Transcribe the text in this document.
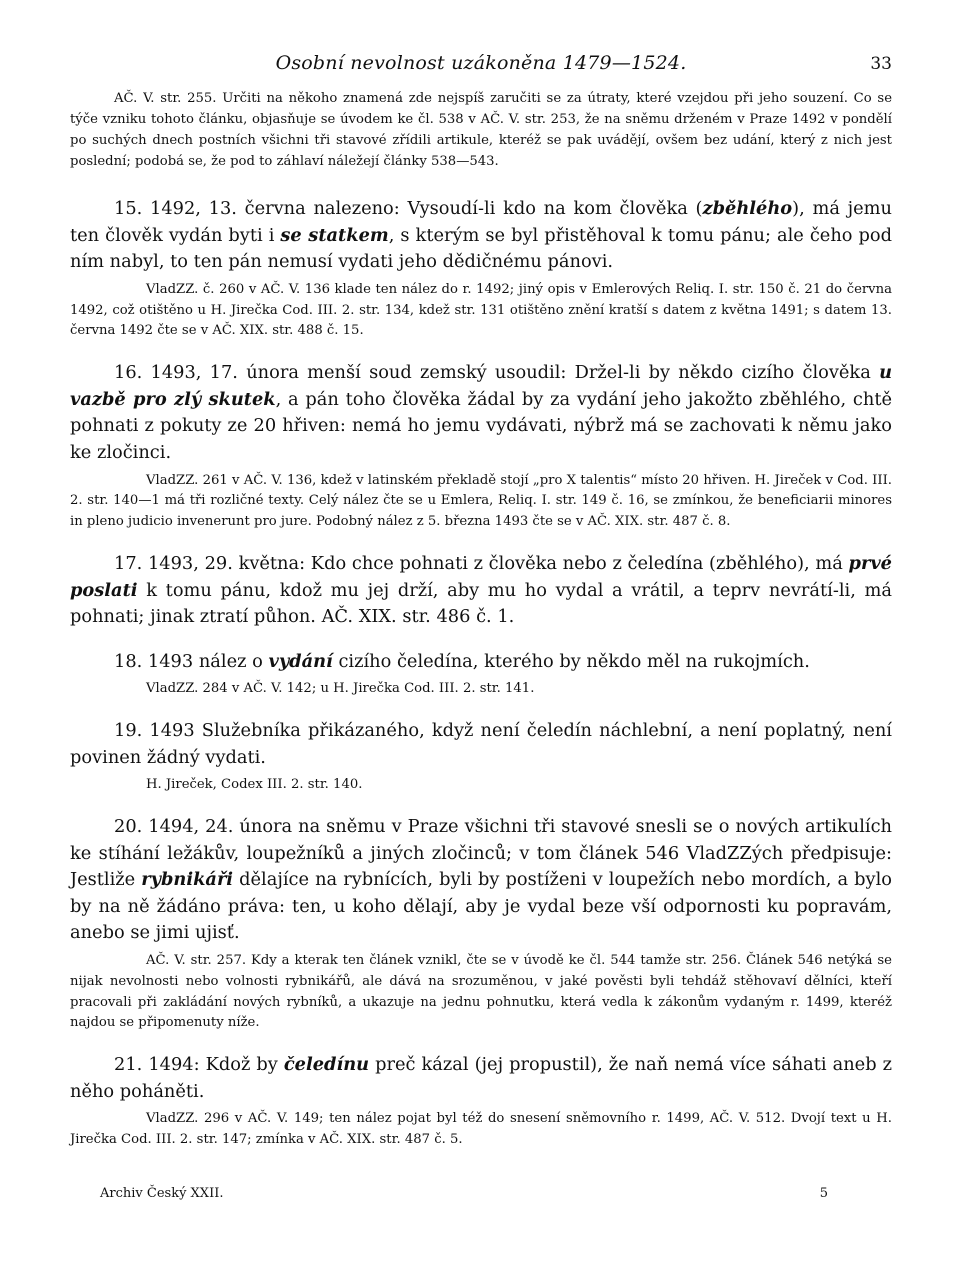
Osobní nevolnost uzákoněna 1479—1524.	33

AČ. V. str. 255. Určiti na někoho znamená zde nejspíš zaručiti se za útraty, které vzejdou při jeho souzení. Co se týče vzniku tohoto článku, objasňuje se úvodem ke čl. 538 v AČ. V. str. 253, že na sněmu drženém v Praze 1492 v pondělí po suchých dnech postních všichni tři stavové zřídili artikule, kteréž se pak uvádějí, ovšem bez udání, který z nich jest poslední; podobá se, že pod to záhlaví náležejí články 538—543.

15. 1492, 13. června nalezeno: Vysoudí-li kdo na kom člověka (zběhlého), má jemu ten člověk vydán byti i se statkem, s kterým se byl přistěhoval k tomu pánu; ale čeho pod ním nabyl, to ten pán nemusí vydati jeho dědičnému pánovi.

VladZZ. č. 260 v AČ. V. 136 klade ten nález do r. 1492; jiný opis v Emlerových Reliq. I. str. 150 č. 21 do června 1492, což otištěno u H. Jirečka Cod. III. 2. str. 134, kdež str. 131 otištěno znění kratší s datem z května 1491; s datem 13. června 1492 čte se v AČ. XIX. str. 488 č. 15.

16. 1493, 17. února menší soud zemský usoudil: Držel-li by někdo cizího člověka u vazbě pro zlý skutek, a pán toho člověka žádal by za vydání jeho jakožto zběhlého, chtě pohnati z pokuty ze 20 hřiven: nemá ho jemu vydávati, nýbrž má se zachovati k němu jako ke zločinci.

VladZZ. 261 v AČ. V. 136, kdež v latinském překladě stojí „pro X talentis“ místo 20 hřiven. H. Jireček v Cod. III. 2. str. 140—1 má tři rozličné texty. Celý nález čte se u Emlera, Reliq. I. str. 149 č. 16, se zmínkou, že beneficiarii minores in pleno judicio invenerunt pro jure. Podobný nález z 5. března 1493 čte se v AČ. XIX. str. 487 č. 8.

17. 1493, 29. května: Kdo chce pohnati z člověka nebo z čeledína (zběhlého), má prvé poslati k tomu pánu, kdož mu jej drží, aby mu ho vydal a vrátil, a teprv nevrátí-li, má pohnati; jinak ztratí půhon. AČ. XIX. str. 486 č. 1.

18. 1493 nález o vydání cizího čeledína, kterého by někdo měl na rukojmích.

VladZZ. 284 v AČ. V. 142; u H. Jirečka Cod. III. 2. str. 141.

19. 1493 Služebníka přikázaného, když není čeledín náchlební, a není poplatný, není povinen žádný vydati.

H. Jireček, Codex III. 2. str. 140.

20. 1494, 24. února na sněmu v Praze všichni tři stavové snesli se o nových artikulích ke stíhání ležákův, loupežníků a jiných zločinců; v tom článek 546 VladZZých předpisuje: Jestliže rybnikáři dělajíce na rybnících, byli by postíženi v loupežích nebo mordích, a bylo by na ně žádáno práva: ten, u koho dělají, aby je vydal beze vší odpornosti ku popravám, anebo se jimi ujisť.

AČ. V. str. 257. Kdy a kterak ten článek vznikl, čte se v úvodě ke čl. 544 tamže str. 256. Článek 546 netýká se nijak nevolnosti nebo volnosti rybnikářů, ale dává na srozuměnou, v jaké pověsti byli tehdáž stěhovaví dělníci, kteří pracovali při zakládání nových rybníků, a ukazuje na jednu pohnutku, která vedla k zákonům vydaným r. 1499, kteréž najdou se připomenuty níže.

21. 1494: Kdož by čeledínu preč kázal (jej propustil), že naň nemá více sáhati aneb z něho poháněti.

VladZZ. 296 v AČ. V. 149; ten nález pojat byl též do snesení sněmovního r. 1499, AČ. V. 512. Dvojí text u H. Jirečka Cod. III. 2. str. 147; zmínka v AČ. XIX. str. 487 č. 5.

Archiv Český XXII.	5
